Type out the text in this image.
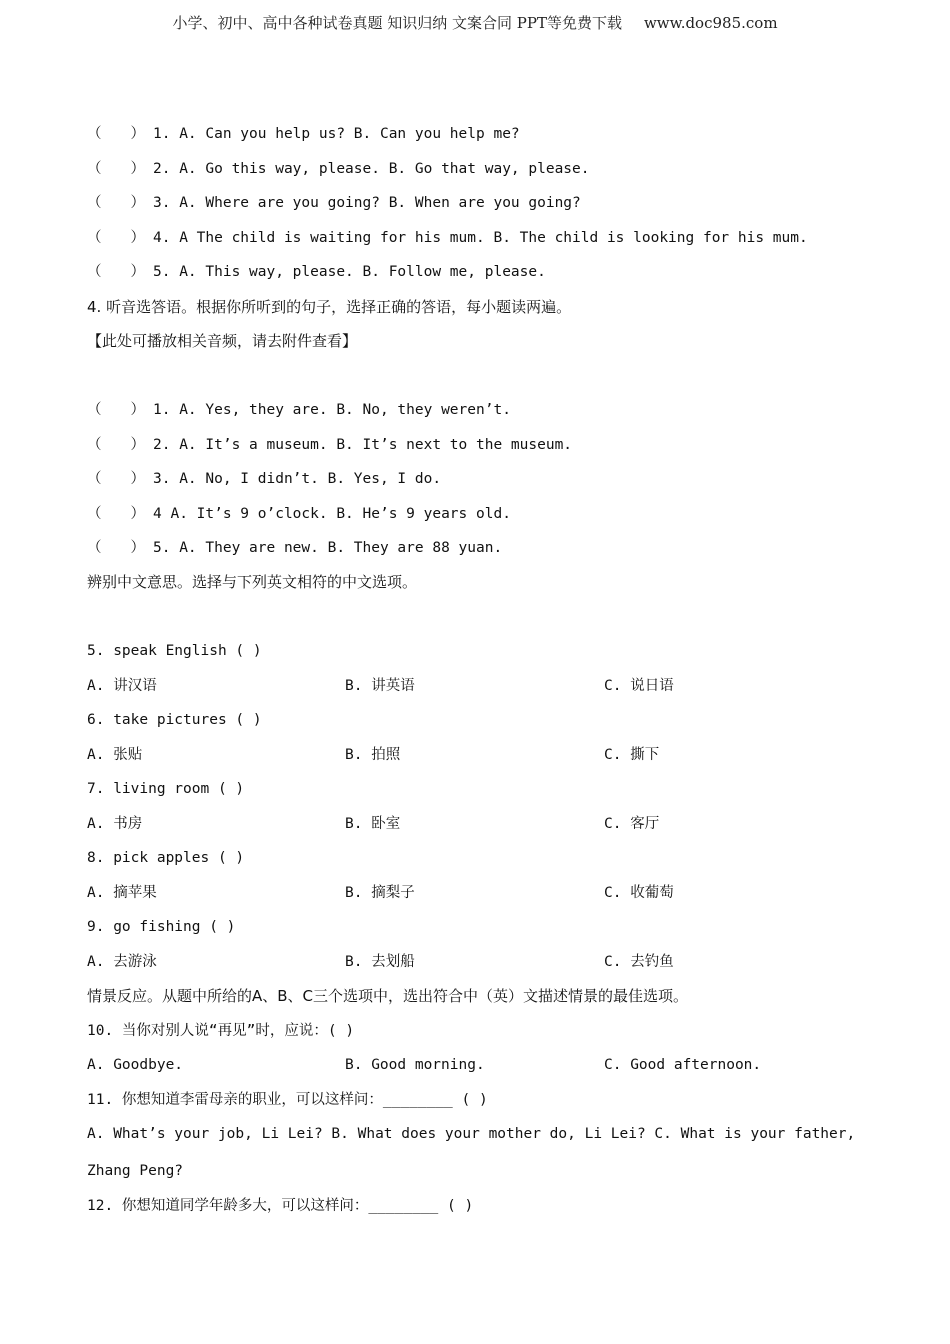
小学、初中、高中各种试卷真题 知识归纳 文案合同 PPT等免费下载 www.doc985.com
（　　） 1. A. Can you help us? B. Can you help me?
（　　） 2. A. Go this way, please. B. Go that way, please.
（　　） 3. A. Where are you going? B. When are you going?
（　　） 4. A The child is waiting for his mum. B. The child is looking for his mum.
（　　） 5. A. This way, please. B. Follow me, please.
4. 听音选答语。根据你所听到的句子，选择正确的答语，每小题读两遍。
【此处可播放相关音频，请去附件查看】
（　　） 1. A. Yes, they are. B. No, they weren’t.
（　　） 2. A. It’s a museum. B. It’s next to the museum.
（　　） 3. A. No, I didn’t. B. Yes, I do.
（　　） 4 A. It’s 9 o’clock. B. He’s 9 years old.
（　　） 5. A. They are new. B. They are 88 yuan.
辨别中文意思。选择与下列英文相符的中文选项。
5. speak English ( )
A. 讲汉语	B. 讲英语	C. 说日语
6. take pictures ( )
A. 张贴	B. 拍照	C. 撕下
7. living room ( )
A. 书房	B. 卧室	C. 客厅
8. pick apples ( )
A. 摘苹果	B. 摘梨子	C. 收葡萄
9. go fishing ( )
A. 去游泳	B. 去划船	C. 去钓鱼
情景反应。从题中所给的A、B、C三个选项中，选出符合中（英）文描述情景的最佳选项。
10. 当你对别人说“再见”时，应说：( )
A. Goodbye.	B. Good morning.	C. Good afternoon.
11. 你想知道李雷母亲的职业，可以这样问：________ ( )
A. What’s your job, Li Lei? B. What does your mother do, Li Lei? C. What is your father,
Zhang Peng?
12. 你想知道同学年龄多大，可以这样问：________ ( )
